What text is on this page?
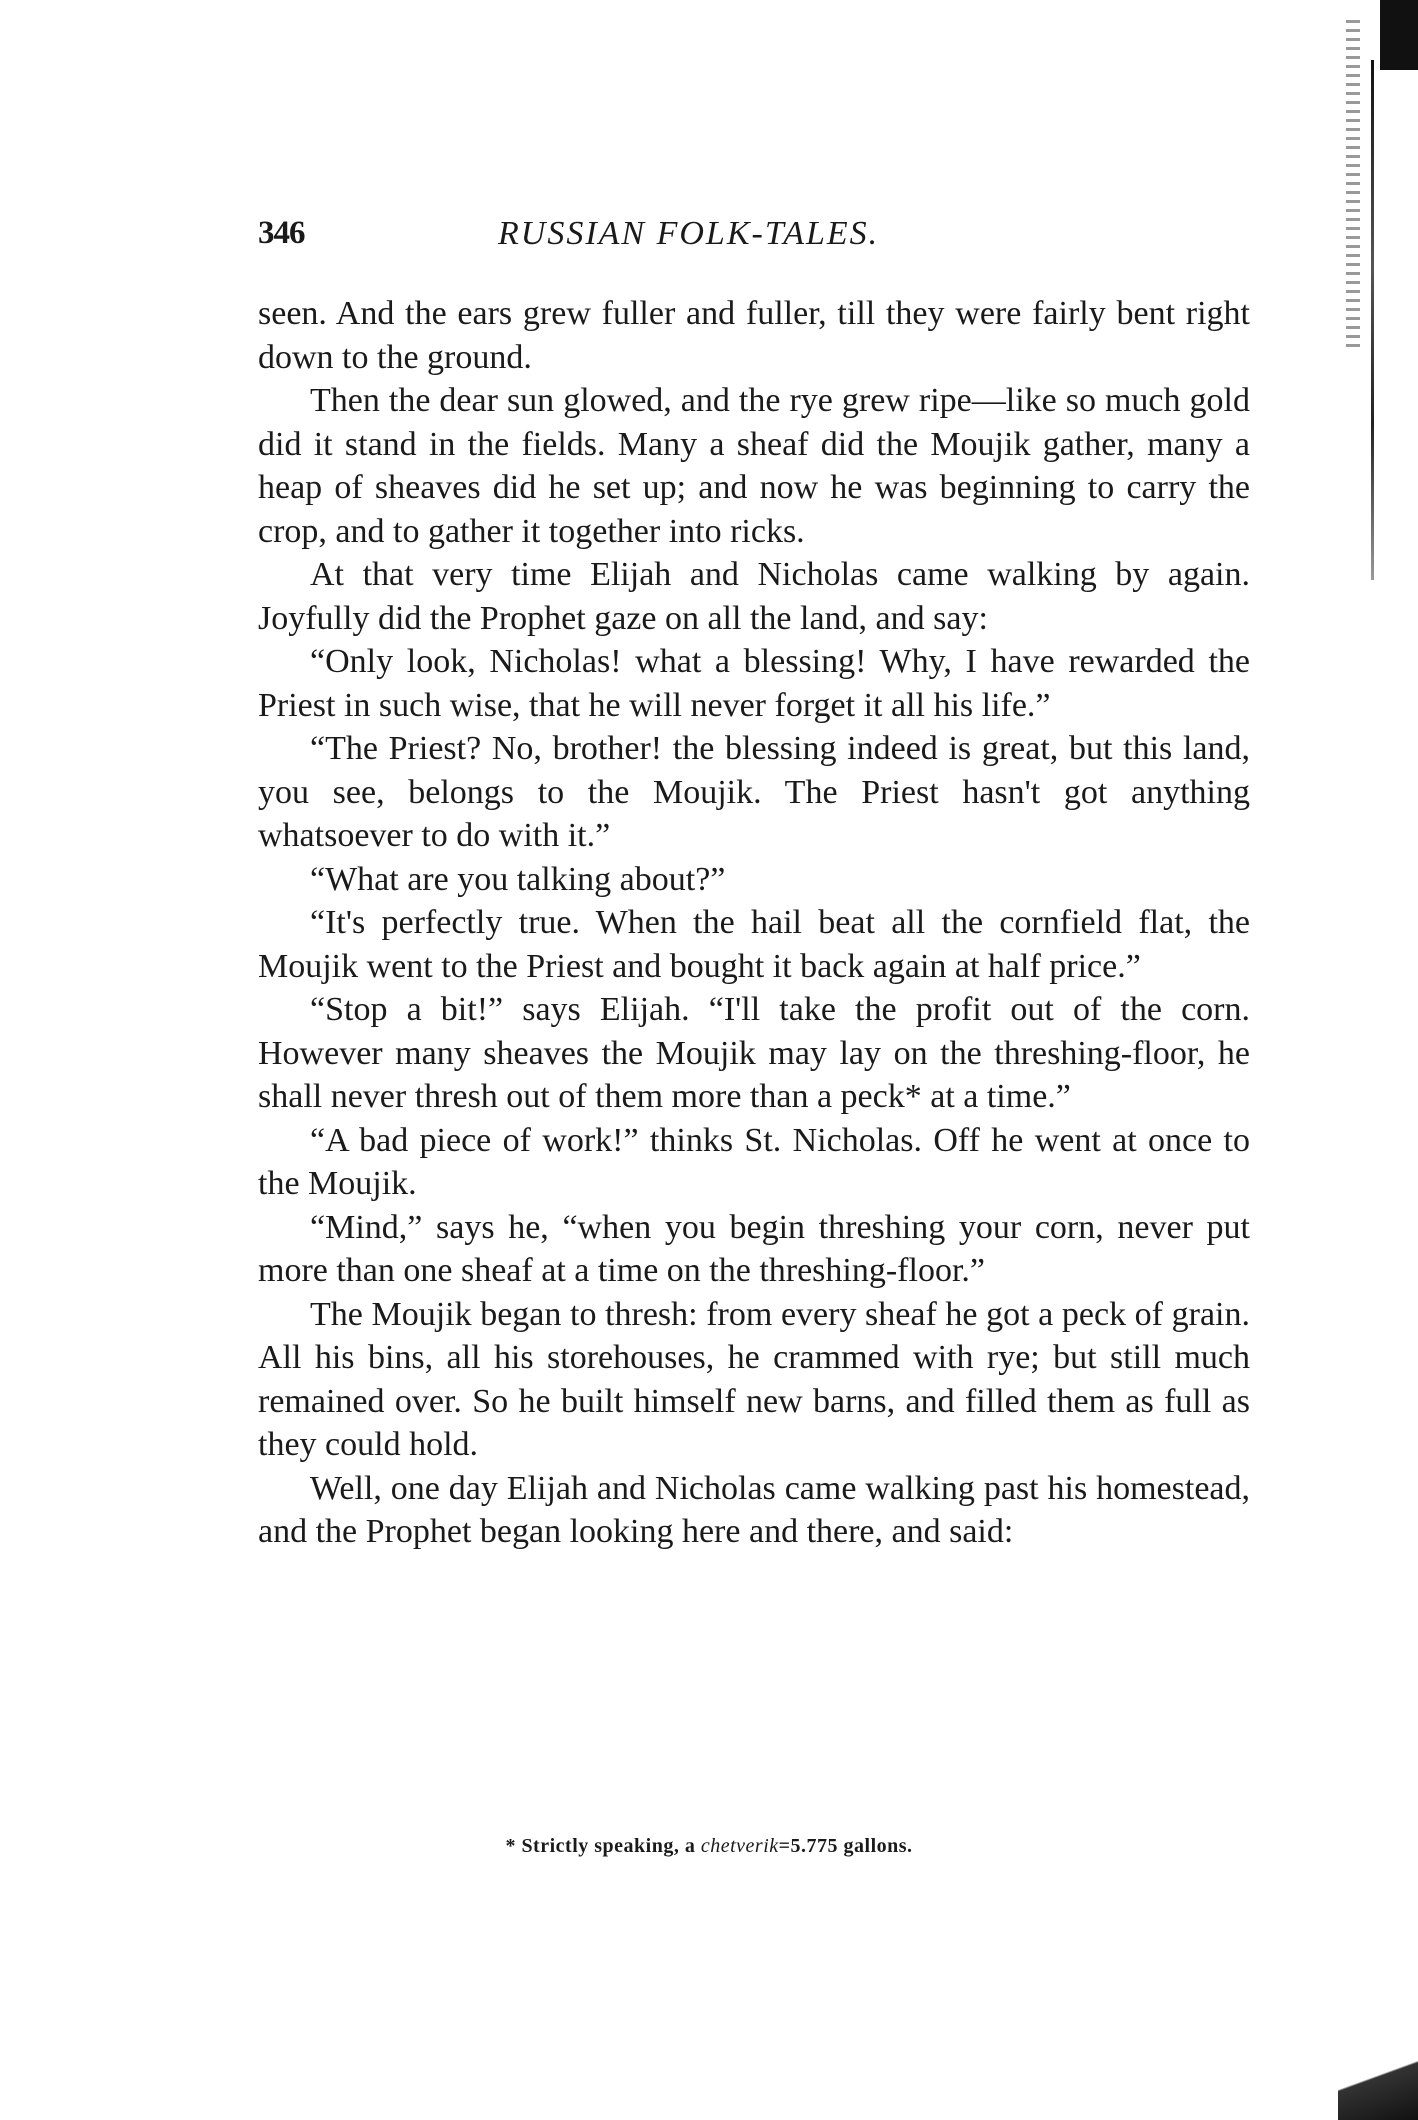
346	RUSSIAN FOLK-TALES.

seen. And the ears grew fuller and fuller, till they were fairly bent right down to the ground.

Then the dear sun glowed, and the rye grew ripe—like so much gold did it stand in the fields. Many a sheaf did the Moujik gather, many a heap of sheaves did he set up; and now he was beginning to carry the crop, and to gather it together into ricks.

At that very time Elijah and Nicholas came walking by again. Joyfully did the Prophet gaze on all the land, and say:

“Only look, Nicholas! what a blessing! Why, I have rewarded the Priest in such wise, that he will never forget it all his life.”

“The Priest? No, brother! the blessing indeed is great, but this land, you see, belongs to the Moujik. The Priest hasn't got anything whatsoever to do with it.”

“What are you talking about?”

“It's perfectly true. When the hail beat all the cornfield flat, the Moujik went to the Priest and bought it back again at half price.”

“Stop a bit!” says Elijah. “I'll take the profit out of the corn. However many sheaves the Moujik may lay on the threshing-floor, he shall never thresh out of them more than a peck* at a time.”

“A bad piece of work!” thinks St. Nicholas. Off he went at once to the Moujik.

“Mind,” says he, “when you begin threshing your corn, never put more than one sheaf at a time on the threshing-floor.”

The Moujik began to thresh: from every sheaf he got a peck of grain. All his bins, all his storehouses, he crammed with rye; but still much remained over. So he built himself new barns, and filled them as full as they could hold.

Well, one day Elijah and Nicholas came walking past his homestead, and the Prophet began looking here and there, and said:

* Strictly speaking, a chetverik=5.775 gallons.
